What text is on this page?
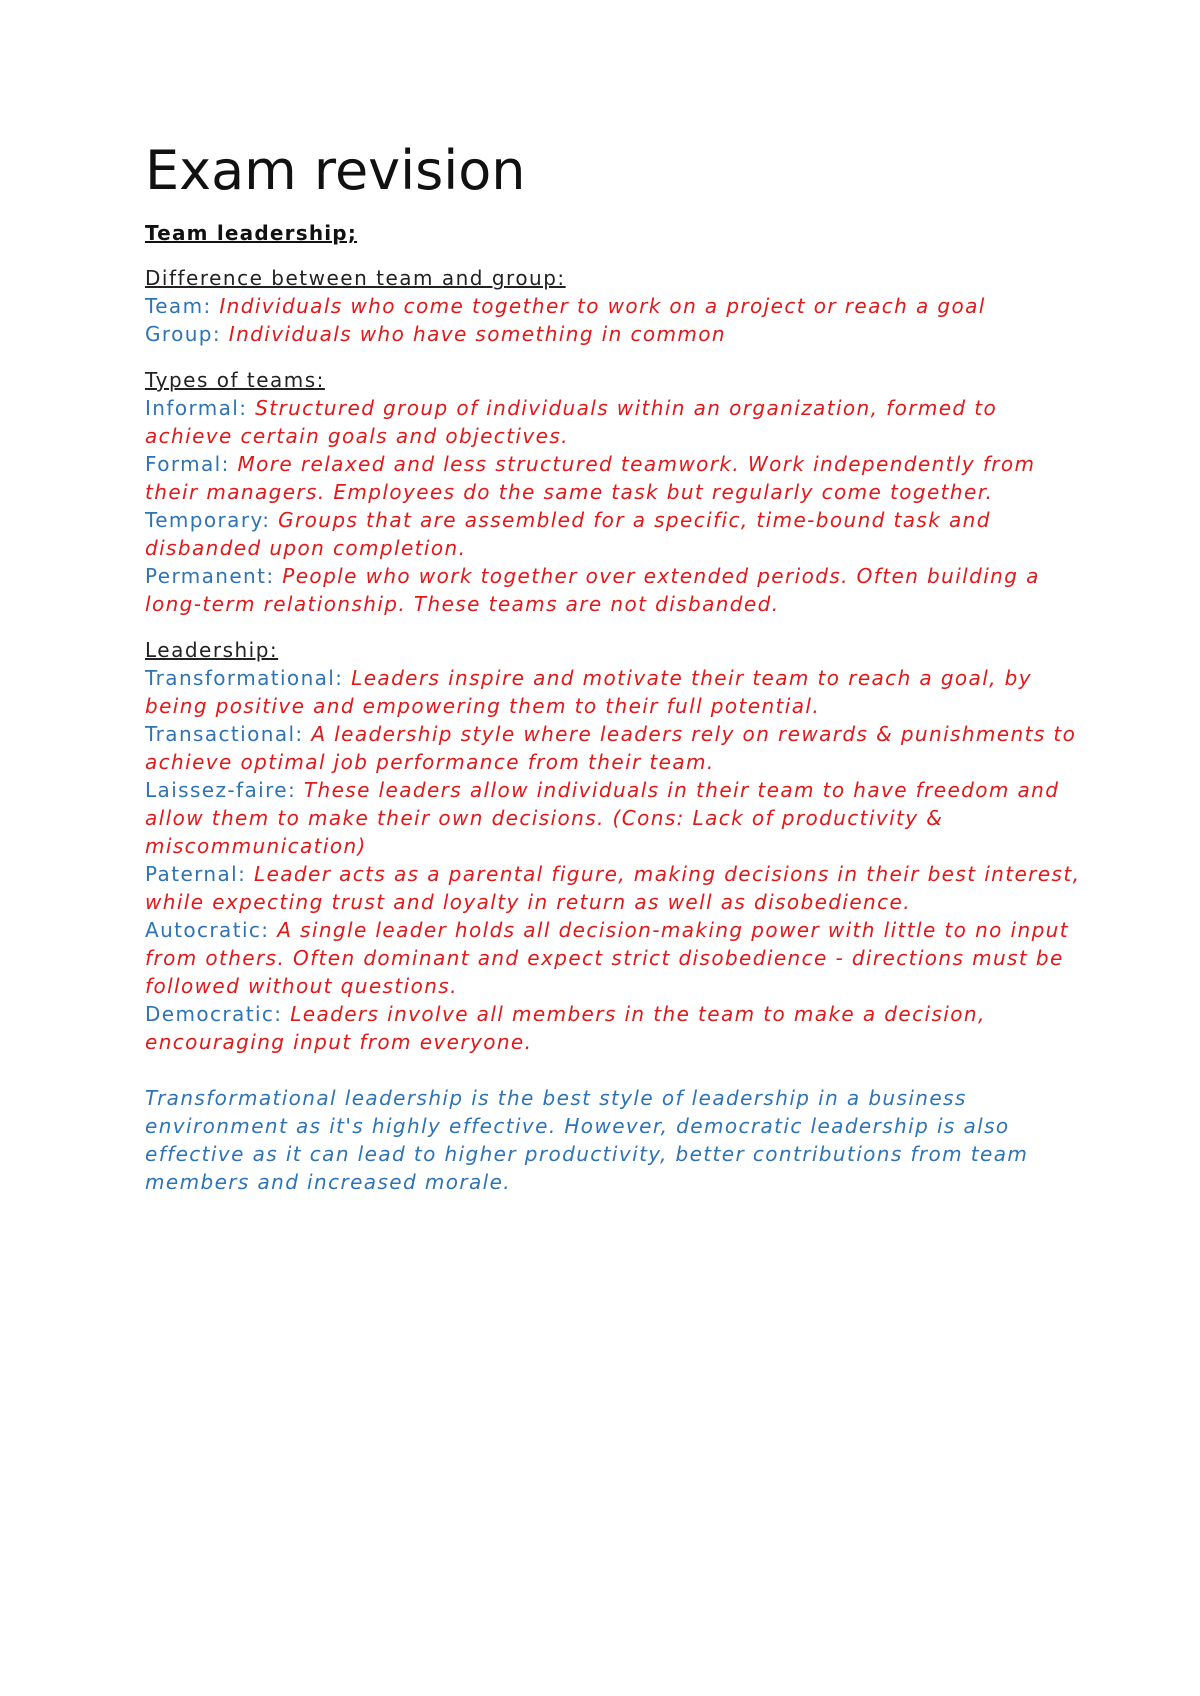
Exam revision
Team leadership;

Difference between team and group:

Team: Individuals who come together to work on a project or reach a goal

Group: Individuals who have something in common

Types of teams:

Informal: Structured group of individuals within an organization, formed to achieve certain goals and objectives.

Formal: More relaxed and less structured teamwork. Work independently from their managers. Employees do the same task but regularly come together.

Temporary: Groups that are assembled for a specific, time-bound task and disbanded upon completion.

Permanent: People who work together over extended periods. Often building a long-term relationship. These teams are not disbanded.

Leadership:

Transformational: Leaders inspire and motivate their team to reach a goal, by being positive and empowering them to their full potential.

Transactional: A leadership style where leaders rely on rewards & punishments to achieve optimal job performance from their team.

Laissez-faire: These leaders allow individuals in their team to have freedom and allow them to make their own decisions. (Cons: Lack of productivity & miscommunication)

Paternal: Leader acts as a parental figure, making decisions in their best interest, while expecting trust and loyalty in return as well as disobedience.

Autocratic: A single leader holds all decision-making power with little to no input from others. Often dominant and expect strict disobedience - directions must be followed without questions.

Democratic: Leaders involve all members in the team to make a decision, encouraging input from everyone.

Transformational leadership is the best style of leadership in a business environment as it's highly effective. However, democratic leadership is also effective as it can lead to higher productivity, better contributions from team members and increased morale.
